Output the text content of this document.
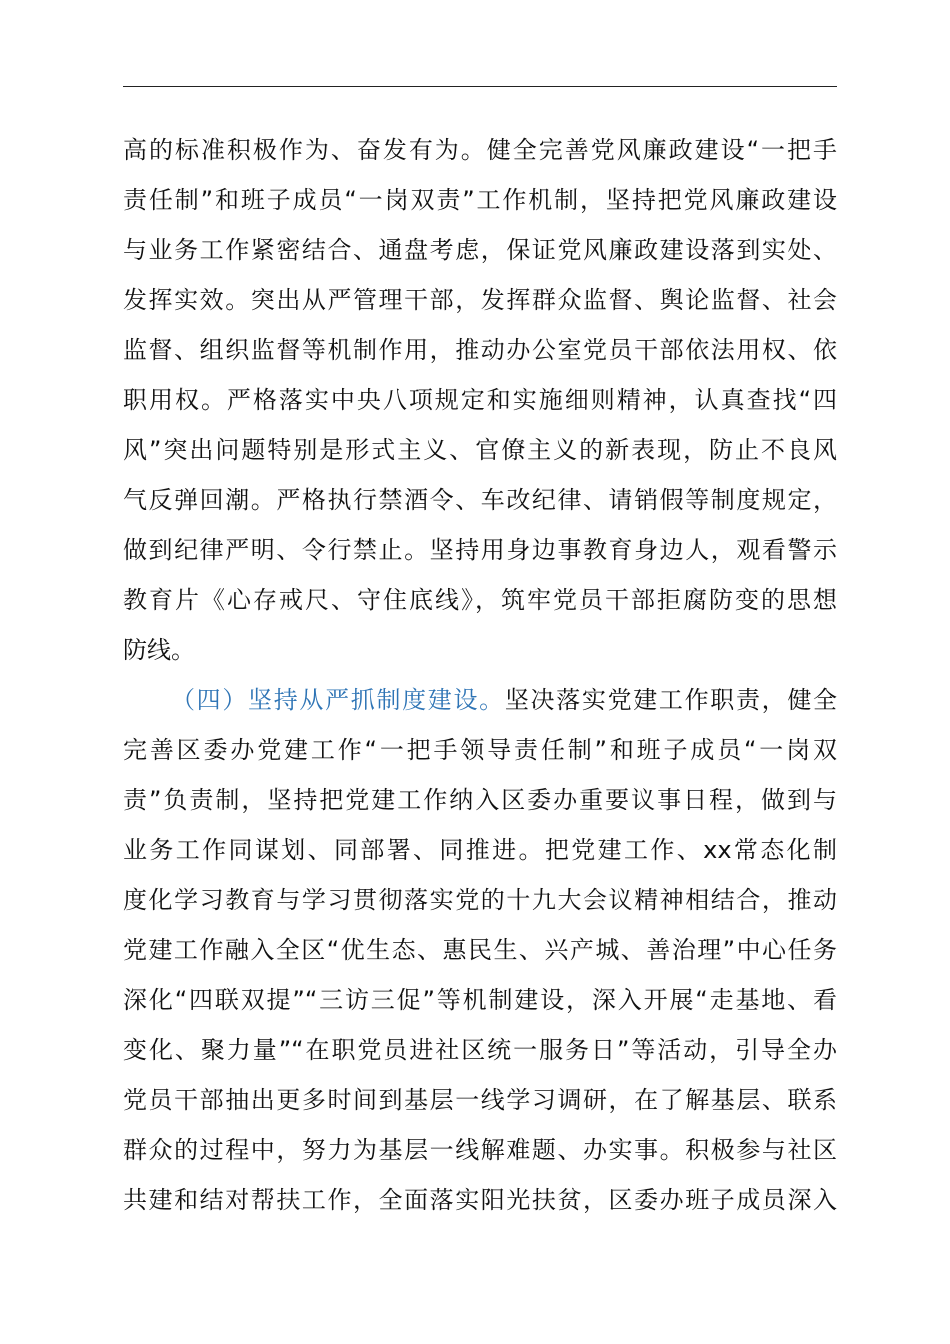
高的标准积极作为、奋发有为。健全完善党风廉政建设“一把手
责任制”和班子成员“一岗双责”工作机制，坚持把党风廉政建设
与业务工作紧密结合、通盘考虑，保证党风廉政建设落到实处、
发挥实效。突出从严管理干部，发挥群众监督、舆论监督、社会
监督、组织监督等机制作用，推动办公室党员干部依法用权、依
职用权。严格落实中央八项规定和实施细则精神，认真查找“四
风”突出问题特别是形式主义、官僚主义的新表现，防止不良风
气反弹回潮。严格执行禁酒令、车改纪律、请销假等制度规定，
做到纪律严明、令行禁止。坚持用身边事教育身边人，观看警示
教育片《心存戒尺、守住底线》，筑牢党员干部拒腐防变的思想
防线。
（四）坚持从严抓制度建设。坚决落实党建工作职责，健全
完善区委办党建工作“一把手领导责任制”和班子成员“一岗双
责”负责制，坚持把党建工作纳入区委办重要议事日程，做到与
业务工作同谋划、同部署、同推进。把党建工作、xx常态化制
度化学习教育与学习贯彻落实党的十九大会议精神相结合，推动
党建工作融入全区“优生态、惠民生、兴产城、善治理”中心任务
深化“四联双提”“三访三促”等机制建设，深入开展“走基地、看
变化、聚力量”“在职党员进社区统一服务日”等活动，引导全办
党员干部抽出更多时间到基层一线学习调研，在了解基层、联系
群众的过程中，努力为基层一线解难题、办实事。积极参与社区
共建和结对帮扶工作，全面落实阳光扶贫，区委办班子成员深入
